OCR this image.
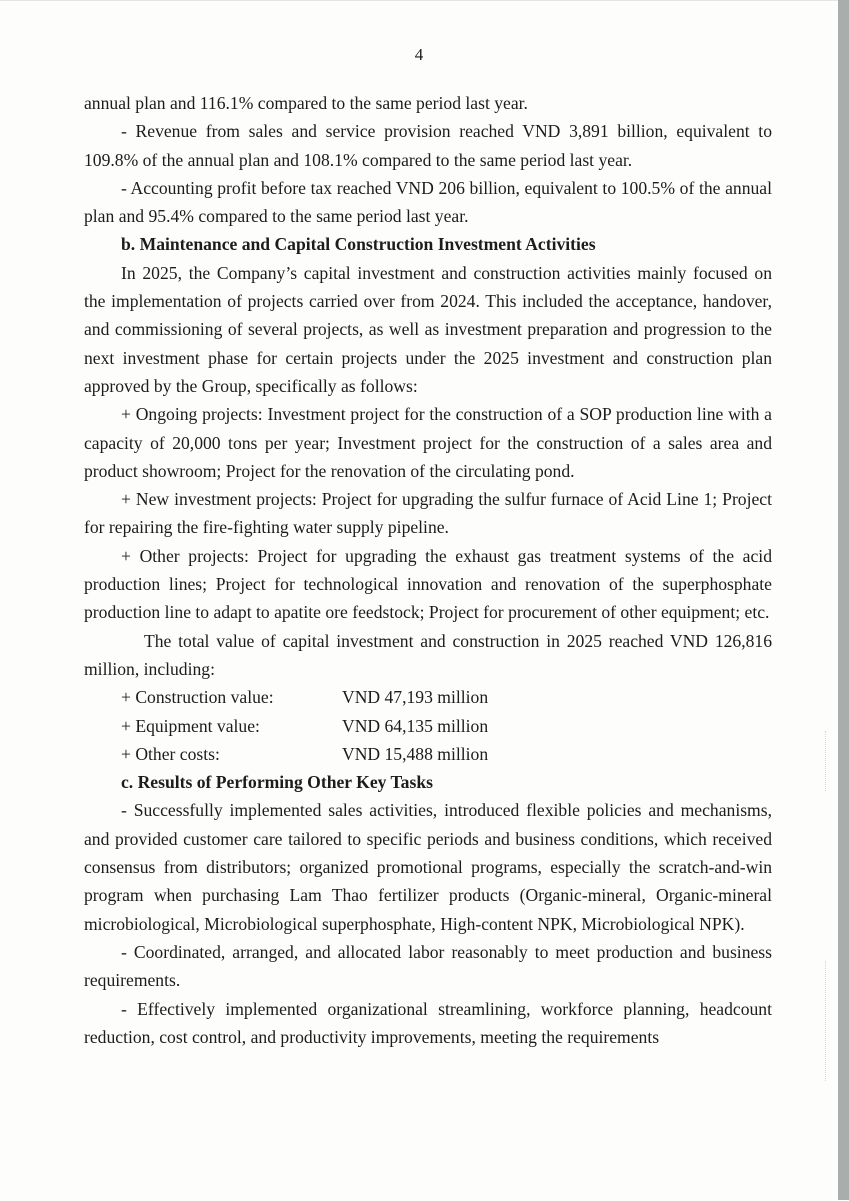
4

annual plan and 116.1% compared to the same period last year.

- Revenue from sales and service provision reached VND 3,891 billion, equivalent to 109.8% of the annual plan and 108.1% compared to the same period last year.

- Accounting profit before tax reached VND 206 billion, equivalent to 100.5% of the annual plan and 95.4% compared to the same period last year.

b. Maintenance and Capital Construction Investment Activities

In 2025, the Company’s capital investment and construction activities mainly focused on the implementation of projects carried over from 2024. This included the acceptance, handover, and commissioning of several projects, as well as investment preparation and progression to the next investment phase for certain projects under the 2025 investment and construction plan approved by the Group, specifically as follows:

+ Ongoing projects: Investment project for the construction of a SOP production line with a capacity of 20,000 tons per year; Investment project for the construction of a sales area and product showroom; Project for the renovation of the circulating pond.

+ New investment projects: Project for upgrading the sulfur furnace of Acid Line 1; Project for repairing the fire-fighting water supply pipeline.

+ Other projects: Project for upgrading the exhaust gas treatment systems of the acid production lines; Project for technological innovation and renovation of the superphosphate production line to adapt to apatite ore feedstock; Project for procurement of other equipment; etc.

The total value of capital investment and construction in 2025 reached VND 126,816 million, including:

+ Construction value:	VND 47,193 million
+ Equipment value:	VND 64,135 million
+ Other costs:	VND 15,488 million

c. Results of Performing Other Key Tasks

- Successfully implemented sales activities, introduced flexible policies and mechanisms, and provided customer care tailored to specific periods and business conditions, which received consensus from distributors; organized promotional programs, especially the scratch-and-win program when purchasing Lam Thao fertilizer products (Organic-mineral, Organic-mineral microbiological, Microbiological superphosphate, High-content NPK, Microbiological NPK).

- Coordinated, arranged, and allocated labor reasonably to meet production and business requirements.

- Effectively implemented organizational streamlining, workforce planning, headcount reduction, cost control, and productivity improvements, meeting the requirements
